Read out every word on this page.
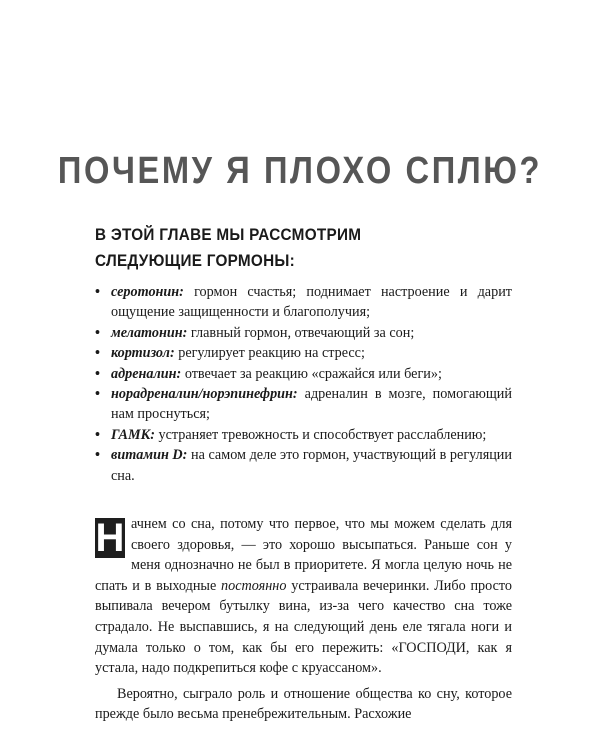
ПОЧЕМУ Я ПЛОХО СПЛЮ?
В ЭТОЙ ГЛАВЕ МЫ РАССМОТРИМ
СЛЕДУЮЩИЕ ГОРМОНЫ:
• серотонин: гормон счастья; поднимает настроение и дарит ощущение защищенности и благополучия;
• мелатонин: главный гормон, отвечающий за сон;
• кортизол: регулирует реакцию на стресс;
• адреналин: отвечает за реакцию «сражайся или беги»;
• норадреналин/норэпинефрин: адреналин в мозге, помогающий нам проснуться;
• ГАМК: устраняет тревожность и способствует расслаблению;
• витамин D: на самом деле это гормон, участвующий в регуляции сна.

Н ачнем со сна, потому что первое, что мы можем сделать для своего здоровья, — это хорошо высыпаться. Раньше сон у меня однозначно не был в приоритете. Я могла целую ночь не спать и в выходные постоянно устраивала вечеринки. Либо просто выпивала вечером бутылку вина, из-за чего качество сна тоже страдало. Не выспавшись, я на следующий день еле тягала ноги и думала только о том, как бы его пережить: «ГОСПОДИ, как я устала, надо подкрепиться кофе с круассаном».

Вероятно, сыграло роль и отношение общества ко сну, которое прежде было весьма пренебрежительным. Расхожие
